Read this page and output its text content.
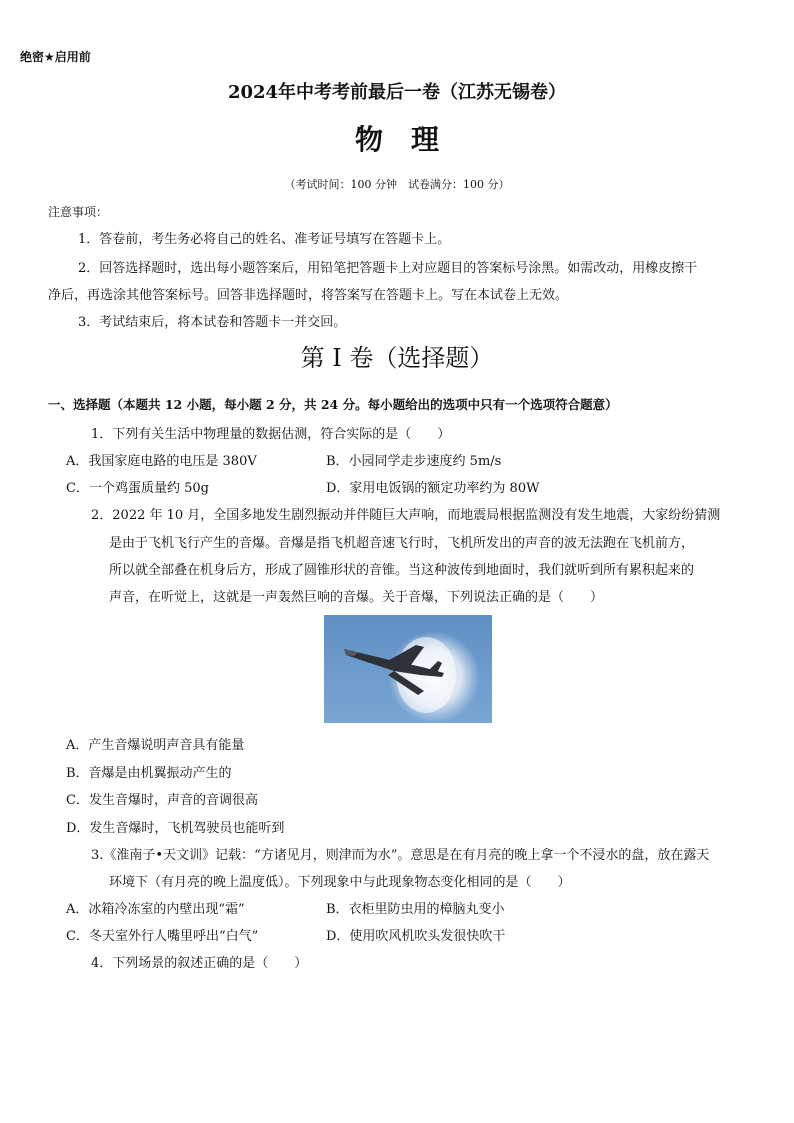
绝密★启用前
2024年中考考前最后一卷（江苏无锡卷）
物理
（考试时间：100 分钟　试卷满分：100 分）
注意事项：
1．答卷前，考生务必将自己的姓名、准考证号填写在答题卡上。
2．回答选择题时，选出每小题答案后，用铅笔把答题卡上对应题目的答案标号涂黑。如需改动，用橡皮擦干
净后，再选涂其他答案标号。回答非选择题时，将答案写在答题卡上。写在本试卷上无效。
3．考试结束后，将本试卷和答题卡一并交回。
第 I 卷（选择题）
一、选择题（本题共 12 小题，每小题 2 分，共 24 分。每小题给出的选项中只有一个选项符合题意）
1．下列有关生活中物理量的数据估测，符合实际的是（　　）
A．我国家庭电路的电压是 380V	B．小园同学走步速度约 5m/s
C．一个鸡蛋质量约 50g	D．家用电饭锅的额定功率约为 80W
2．2022 年 10 月，全国多地发生剧烈振动并伴随巨大声响，而地震局根据监测没有发生地震，大家纷纷猜测
是由于飞机飞行产生的音爆。音爆是指飞机超音速飞行时，飞机所发出的声音的波无法跑在飞机前方，
所以就全部叠在机身后方，形成了圆锥形状的音锥。当这种波传到地面时，我们就听到所有累积起来的
声音，在听觉上，这就是一声轰然巨响的音爆。关于音爆，下列说法正确的是（　　）
A．产生音爆说明声音具有能量
B．音爆是由机翼振动产生的
C．发生音爆时，声音的音调很高
D．发生音爆时，飞机驾驶员也能听到
3.《淮南子•天文训》记载：“方诸见月，则津而为水”。意思是在有月亮的晚上拿一个不浸水的盘，放在露天
环境下（有月亮的晚上温度低）。下列现象中与此现象物态变化相同的是（　　）
A．冰箱冷冻室的内壁出现“霜”	B．衣柜里防虫用的樟脑丸变小
C．冬天室外行人嘴里呼出“白气”	D．使用吹风机吹头发很快吹干
4．下列场景的叙述正确的是（　　）
